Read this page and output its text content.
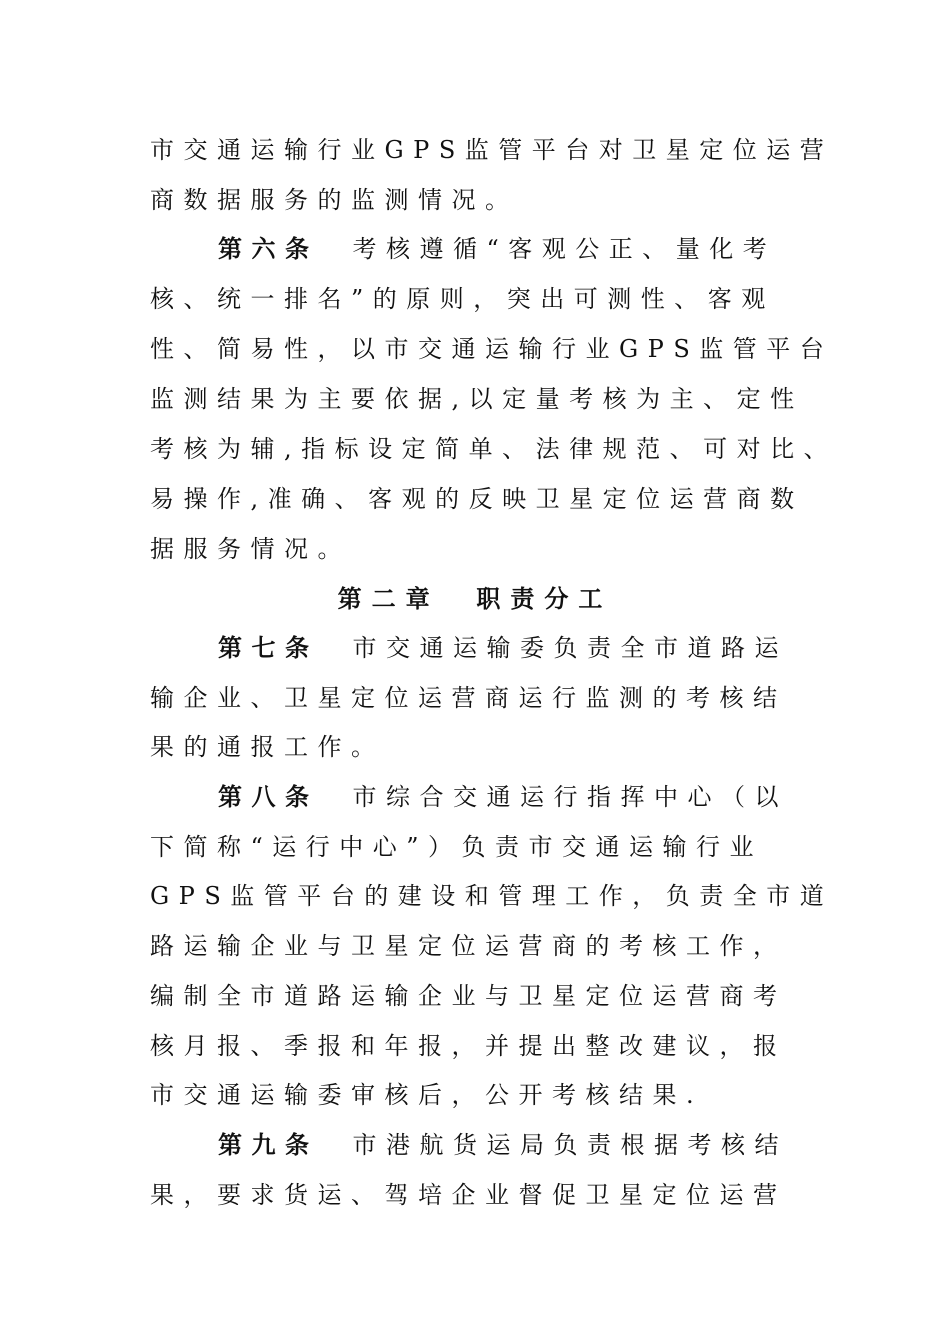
市交通运输行业GPS监管平台对卫星定位运营
商数据服务的监测情况。
第六条 考核遵循“客观公正、量化考
核、统一排名”的原则，突出可测性、客观
性、简易性，以市交通运输行业GPS监管平台
监测结果为主要依据,以定量考核为主、定性
考核为辅,指标设定简单、法律规范、可对比、
易操作,准确、客观的反映卫星定位运营商数
据服务情况。
第二章  职责分工
第七条 市交通运输委负责全市道路运
输企业、卫星定位运营商运行监测的考核结
果的通报工作。
第八条 市综合交通运行指挥中心（以
下简称“运行中心”）负责市交通运输行业
GPS监管平台的建设和管理工作，负责全市道
路运输企业与卫星定位运营商的考核工作，
编制全市道路运输企业与卫星定位运营商考
核月报、季报和年报，并提出整改建议，报
市交通运输委审核后，公开考核结果.
第九条 市港航货运局负责根据考核结
果，要求货运、驾培企业督促卫星定位运营
